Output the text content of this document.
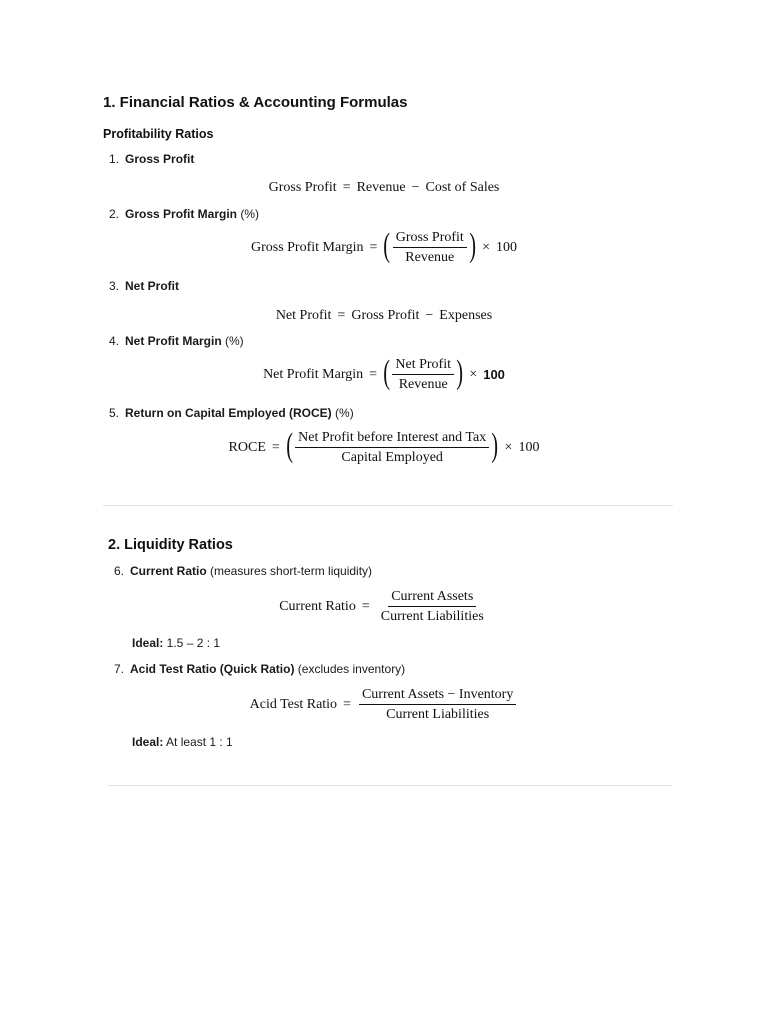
1. Financial Ratios & Accounting Formulas
Profitability Ratios
1. Gross Profit
Gross Profit = Revenue − Cost of Sales
2. Gross Profit Margin (%)
Gross Profit Margin = ( $\frac{\text{Gross Profit}}{\text{Revenue}}$ ) × 100
3. Net Profit
Net Profit = Gross Profit − Expenses
4. Net Profit Margin (%)
Net Profit Margin = ( $\frac{\text{Net Profit}}{\text{Revenue}}$ ) × 100
5. Return on Capital Employed (ROCE) (%)
ROCE = ( $\frac{\text{Net Profit before Interest and Tax}}{\text{Capital Employed}}$ ) × 100
2. Liquidity Ratios
6. Current Ratio (measures short-term liquidity)
Current Ratio = $\frac{\text{Current Assets}}{\text{Current Liabilities}}$
Ideal: 1.5 – 2 : 1
7. Acid Test Ratio (Quick Ratio) (excludes inventory)
Acid Test Ratio = $\frac{\text{Current Assets − Inventory}}{\text{Current Liabilities}}$
Ideal: At least 1 : 1
